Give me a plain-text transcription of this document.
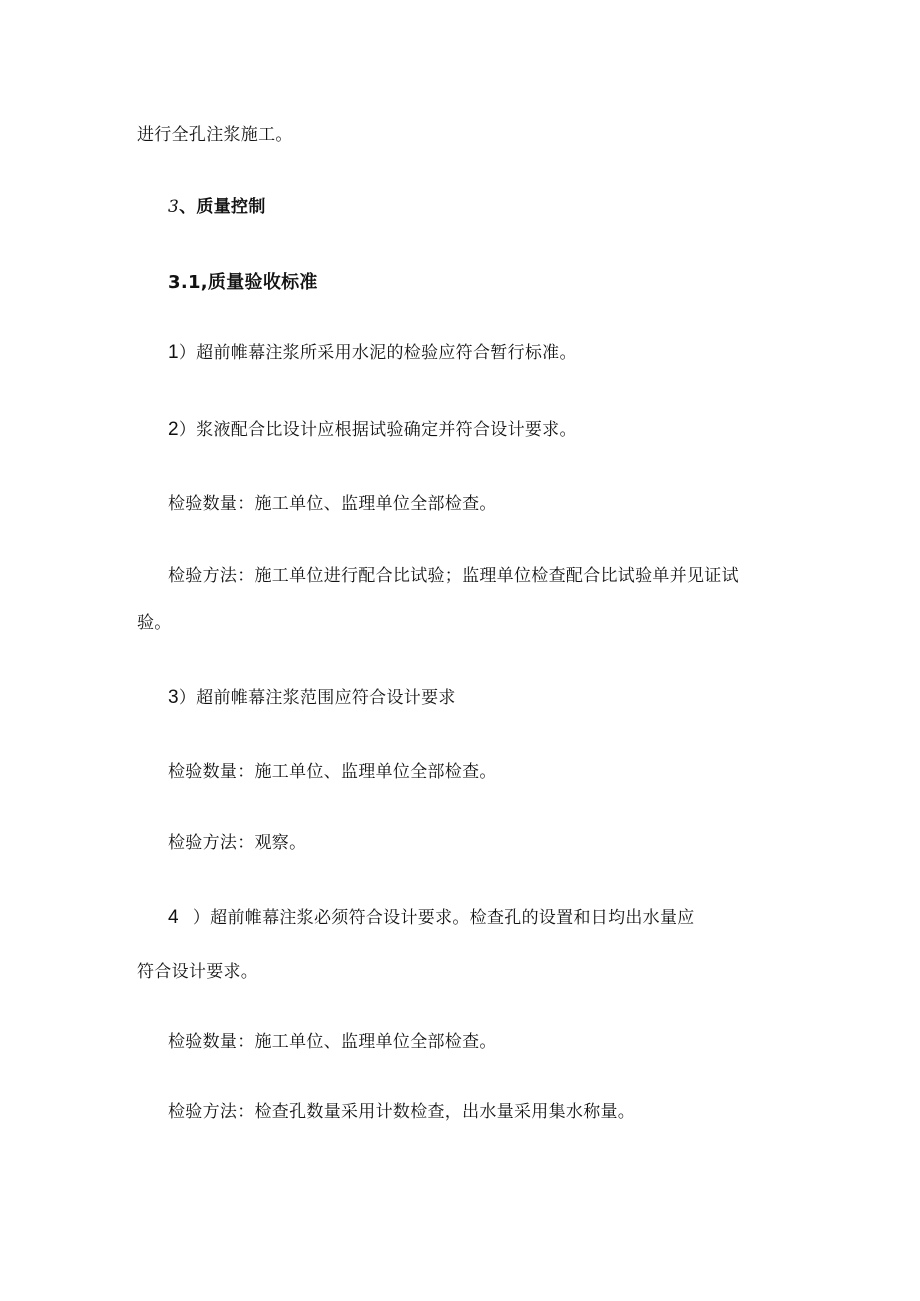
进行全孔注浆施工。
3、质量控制
3.1,质量验收标准
1）超前帷幕注浆所采用水泥的检验应符合暂行标准。
2）浆液配合比设计应根据试验确定并符合设计要求。
检验数量：施工单位、监理单位全部检查。
检验方法：施工单位进行配合比试验；监理单位检查配合比试验单并见证试
验。
3）超前帷幕注浆范围应符合设计要求
检验数量：施工单位、监理单位全部检查。
检验方法：观察。
4 ）超前帷幕注浆必须符合设计要求。检查孔的设置和日均出水量应
符合设计要求。
检验数量：施工单位、监理单位全部检查。
检验方法：检查孔数量采用计数检查，出水量采用集水称量。
